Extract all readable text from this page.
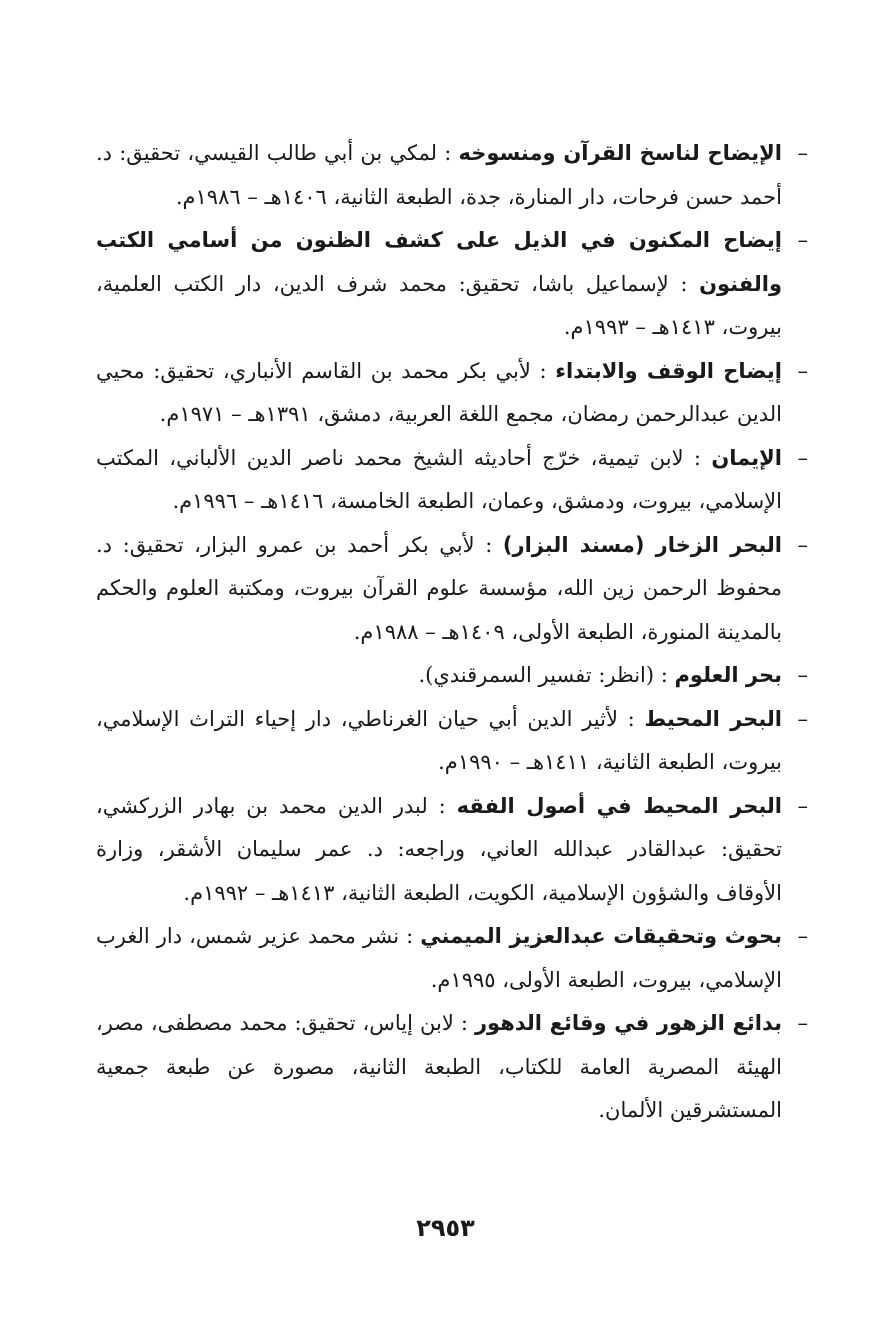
–
الإيضاح لناسخ القرآن ومنسوخه : لمكي بن أبي طالب القيسي، تحقيق: د. أحمد حسن فرحات، دار المنارة، جدة، الطبعة الثانية، ١٤٠٦هـ – ١٩٨٦م.

–
إيضاح المكنون في الذيل على كشف الظنون من أسامي الكتب والفنون : لإسماعيل باشا، تحقيق: محمد شرف الدين، دار الكتب العلمية، بيروت، ١٤١٣هـ – ١٩٩٣م.

–
إيضاح الوقف والابتداء : لأبي بكر محمد بن القاسم الأنباري، تحقيق: محيي الدين عبدالرحمن رمضان، مجمع اللغة العربية، دمشق، ١٣٩١هـ – ١٩٧١م.

–
الإيمان : لابن تيمية، خرّج أحاديثه الشيخ محمد ناصر الدين الألباني، المكتب الإسلامي، بيروت، ودمشق، وعمان، الطبعة الخامسة، ١٤١٦هـ – ١٩٩٦م.

–
البحر الزخار (مسند البزار) : لأبي بكر أحمد بن عمرو البزار، تحقيق: د. محفوظ الرحمن زين الله، مؤسسة علوم القرآن بيروت، ومكتبة العلوم والحكم بالمدينة المنورة، الطبعة الأولى، ١٤٠٩هـ – ١٩٨٨م.

–
بحر العلوم : (انظر: تفسير السمرقندي).

–
البحر المحيط : لأثير الدين أبي حيان الغرناطي، دار إحياء التراث الإسلامي، بيروت، الطبعة الثانية، ١٤١١هـ – ١٩٩٠م.

–
البحر المحيط في أصول الفقه : لبدر الدين محمد بن بهادر الزركشي، تحقيق: عبدالقادر عبدالله العاني، وراجعه: د. عمر سليمان الأشقر، وزارة الأوقاف والشؤون الإسلامية، الكويت، الطبعة الثانية، ١٤١٣هـ – ١٩٩٢م.

–
بحوث وتحقيقات عبدالعزيز الميمني : نشر محمد عزير شمس، دار الغرب الإسلامي، بيروت، الطبعة الأولى، ١٩٩٥م.

–
بدائع الزهور في وقائع الدهور : لابن إياس، تحقيق: محمد مصطفى، مصر، الهيئة المصرية العامة للكتاب، الطبعة الثانية، مصورة عن طبعة جمعية المستشرقين الألمان.

٢٩٥٣
